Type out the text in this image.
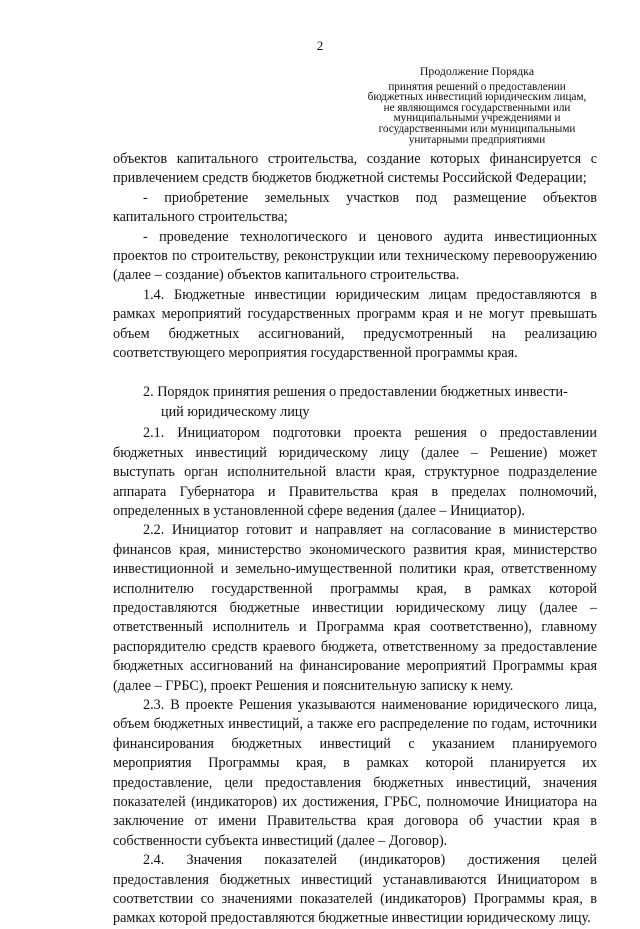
2
Продолжение Порядка
принятия решений о предоставлении
бюджетных инвестиций юридическим лицам,
не являющимся государственными или
муниципальными учреждениями и
государственными или муниципальными
унитарными предприятиями

объектов капитального строительства, создание которых финансируется с привлечением средств бюджетов бюджетной системы Российской Федерации;

- приобретение земельных участков под размещение объектов капитального строительства;

- проведение технологического и ценового аудита инвестиционных проектов по строительству, реконструкции или техническому перевооружению (далее – создание) объектов капитального строительства.

1.4. Бюджетные инвестиции юридическим лицам предоставляются в рамках мероприятий государственных программ края и не могут превышать объем бюджетных ассигнований, предусмотренный на реализацию соответствующего мероприятия государственной программы края.

2. Порядок принятия решения о предоставлении бюджетных инвести-
ций юридическому лицу

2.1. Инициатором подготовки проекта решения о предоставлении бюджетных инвестиций юридическому лицу (далее – Решение) может выступать орган исполнительной власти края, структурное подразделение аппарата Губернатора и Правительства края в пределах полномочий, определенных в установленной сфере ведения (далее – Инициатор).

2.2. Инициатор готовит и направляет на согласование в министерство финансов края, министерство экономического развития края, министерство инвестиционной и земельно-имущественной политики края, ответственному исполнителю государственной программы края, в рамках которой предоставляются бюджетные инвестиции юридическому лицу (далее – ответственный исполнитель и Программа края соответственно), главному распорядителю средств краевого бюджета, ответственному за предоставление бюджетных ассигнований на финансирование мероприятий Программы края (далее – ГРБС), проект Решения и пояснительную записку к нему.

2.3. В проекте Решения указываются наименование юридического лица, объем бюджетных инвестиций, а также его распределение по годам, источники финансирования бюджетных инвестиций с указанием планируемого мероприятия Программы края, в рамках которой планируется их предоставление, цели предоставления бюджетных инвестиций, значения показателей (индикаторов) их достижения, ГРБС, полномочие Инициатора на заключение от имени Правительства края договора об участии края в собственности субъекта инвестиций (далее – Договор).

2.4. Значения показателей (индикаторов) достижения целей предоставления бюджетных инвестиций устанавливаются Инициатором в соответствии со значениями показателей (индикаторов) Программы края, в рамках которой предоставляются бюджетные инвестиции юридическому лицу.
